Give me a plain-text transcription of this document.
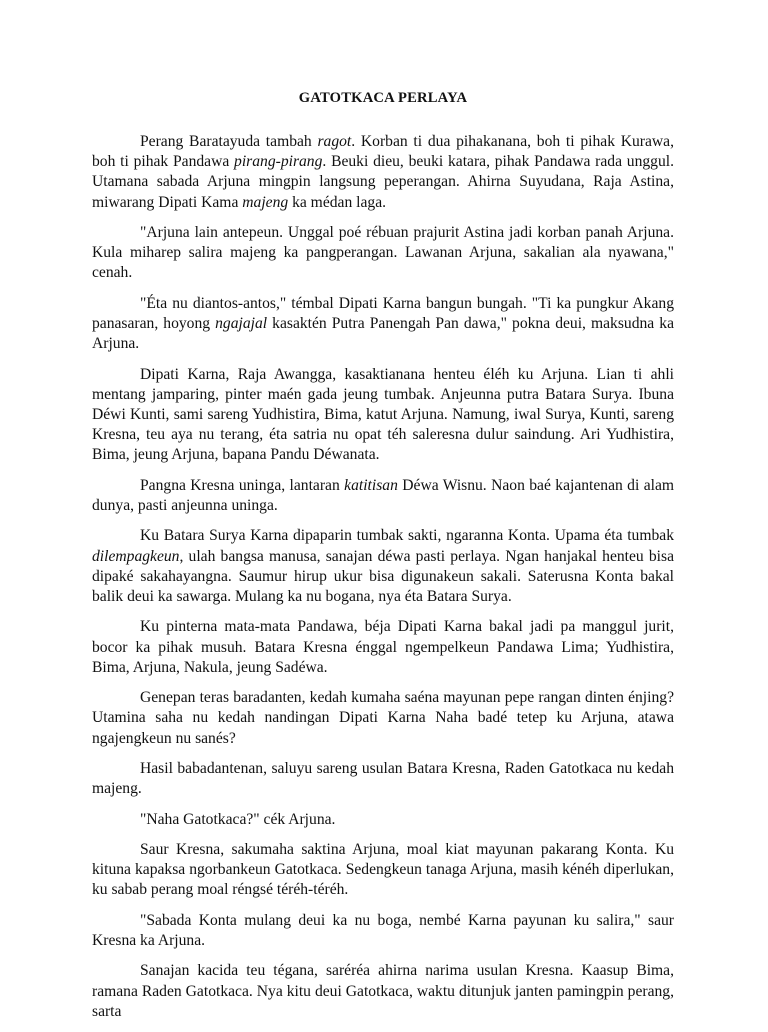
GATOTKACA PERLAYA

Perang Baratayuda tambah ragot. Korban ti dua pihakanana, boh ti pihak Kurawa, boh ti pihak Pandawa pirang-pirang. Beuki dieu, beuki katara, pihak Pandawa rada unggul. Utamana sabada Arjuna mingpin langsung peperangan. Ahirna Suyudana, Raja Astina, miwarang Dipati Kama majeng ka médan laga.

"Arjuna lain antepeun. Unggal poé rébuan prajurit Astina jadi korban panah Arjuna. Kula miharep salira majeng ka pangperangan. Lawanan Arjuna, sakalian ala nyawana," cenah.

"Éta nu diantos-antos," témbal Dipati Karna bangun bungah. "Ti ka pungkur Akang panasaran, hoyong ngajajal kasaktén Putra Panengah Pan dawa," pokna deui, maksudna ka Arjuna.

Dipati Karna, Raja Awangga, kasaktianana henteu éléh ku Arjuna. Lian ti ahli mentang jamparing, pinter maén gada jeung tumbak. Anjeunna putra Batara Surya. Ibuna Déwi Kunti, sami sareng Yudhistira, Bima, katut Arjuna. Namung, iwal Surya, Kunti, sareng Kresna, teu aya nu terang, éta satria nu opat téh saleresna dulur saindung. Ari Yudhistira, Bima, jeung Arjuna, bapana Pandu Déwanata.

Pangna Kresna uninga, lantaran katitisan Déwa Wisnu. Naon baé kajantenan di alam dunya, pasti anjeunna uninga.

Ku Batara Surya Karna dipaparin tumbak sakti, ngaranna Konta. Upama éta tumbak dilempagkeun, ulah bangsa manusa, sanajan déwa pasti perlaya. Ngan hanjakal henteu bisa dipaké sakahayangna. Saumur hirup ukur bisa digunakeun sakali. Saterusna Konta bakal balik deui ka sawarga. Mulang ka nu bogana, nya éta Batara Surya.

Ku pinterna mata-mata Pandawa, béja Dipati Karna bakal jadi pa manggul jurit, bocor ka pihak musuh. Batara Kresna énggal ngempelkeun Pandawa Lima; Yudhistira, Bima, Arjuna, Nakula, jeung Sadéwa.

Genepan teras baradanten, kedah kumaha saéna mayunan pepe rangan dinten énjing? Utamina saha nu kedah nandingan Dipati Karna Naha badé tetep ku Arjuna, atawa ngajengkeun nu sanés?

Hasil babadantenan, saluyu sareng usulan Batara Kresna, Raden Gatotkaca nu kedah majeng.

"Naha Gatotkaca?" cék Arjuna.

Saur Kresna, sakumaha saktina Arjuna, moal kiat mayunan pakarang Konta. Ku kituna kapaksa ngorbankeun Gatotkaca. Sedengkeun tanaga Arjuna, masih kénéh diperlukan, ku sabab perang moal réngsé téréh-téréh.

"Sabada Konta mulang deui ka nu boga, nembé Karna payunan ku salira," saur Kresna ka Arjuna.

Sanajan kacida teu tégana, saréréa ahirna narima usulan Kresna. Kaasup Bima, ramana Raden Gatotkaca. Nya kitu deui Gatotkaca, waktu ditunjuk janten pamingpin perang, sarta
